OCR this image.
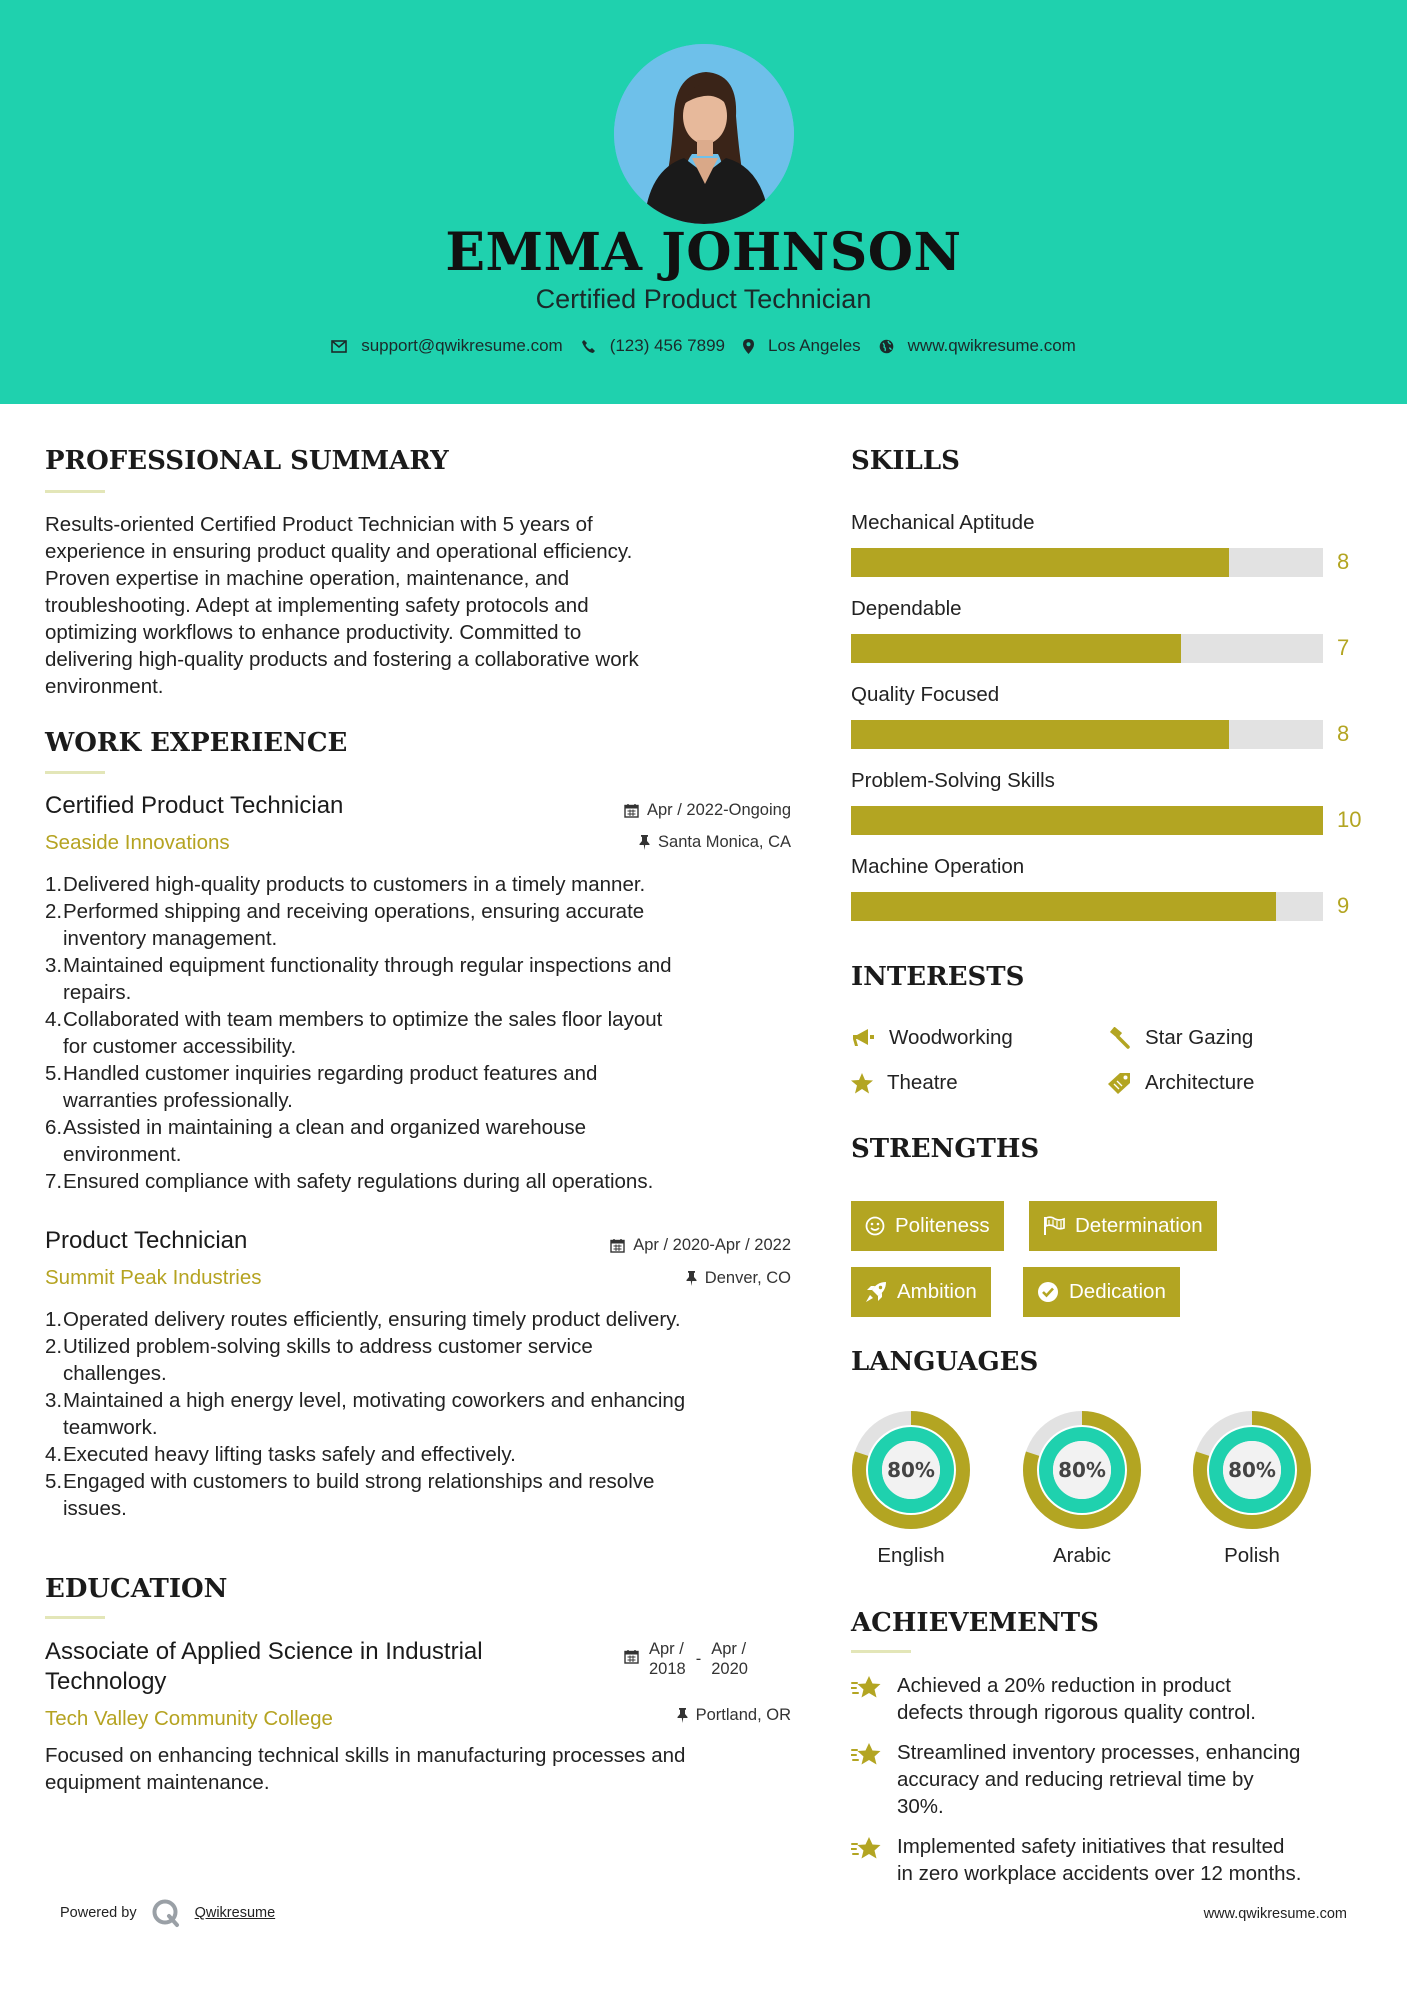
EMMA JOHNSON
Certified Product Technician
support@qwikresume.com	(123) 456 7899	Los Angeles	www.qwikresume.com
PROFESSIONAL SUMMARY
Results-oriented Certified Product Technician with 5 years of
experience in ensuring product quality and operational efficiency.
Proven expertise in machine operation, maintenance, and
troubleshooting. Adept at implementing safety protocols and
optimizing workflows to enhance productivity. Committed to
delivering high-quality products and fostering a collaborative work
environment.
WORK EXPERIENCE
Certified Product Technician	Apr / 2022-Ongoing
Seaside Innovations	Santa Monica, CA
1. Delivered high-quality products to customers in a timely manner.
2. Performed shipping and receiving operations, ensuring accurate
inventory management.
3. Maintained equipment functionality through regular inspections and
repairs.
4. Collaborated with team members to optimize the sales floor layout
for customer accessibility.
5. Handled customer inquiries regarding product features and
warranties professionally.
6. Assisted in maintaining a clean and organized warehouse
environment.
7. Ensured compliance with safety regulations during all operations.
Product Technician	Apr / 2020-Apr / 2022
Summit Peak Industries	Denver, CO
1. Operated delivery routes efficiently, ensuring timely product delivery.
2. Utilized problem-solving skills to address customer service
challenges.
3. Maintained a high energy level, motivating coworkers and enhancing
teamwork.
4. Executed heavy lifting tasks safely and effectively.
5. Engaged with customers to build strong relationships and resolve
issues.
EDUCATION
Associate of Applied Science in Industrial
Technology
Apr /
2018
-
Apr /
2020
Tech Valley Community College	Portland, OR
Focused on enhancing technical skills in manufacturing processes and
equipment maintenance.
SKILLS
Mechanical Aptitude
8
Dependable
7
Quality Focused
8
Problem-Solving Skills
10
Machine Operation
9
INTERESTS
Woodworking	Star Gazing
Theatre	Architecture
STRENGTHS
Politeness	Determination
Ambition	Dedication
LANGUAGES
80%
English
80%
Arabic
80%
Polish
ACHIEVEMENTS
Achieved a 20% reduction in product
defects through rigorous quality control.
Streamlined inventory processes, enhancing
accuracy and reducing retrieval time by
30%.
Implemented safety initiatives that resulted
in zero workplace accidents over 12 months.
Powered by	Qwikresume	www.qwikresume.com
